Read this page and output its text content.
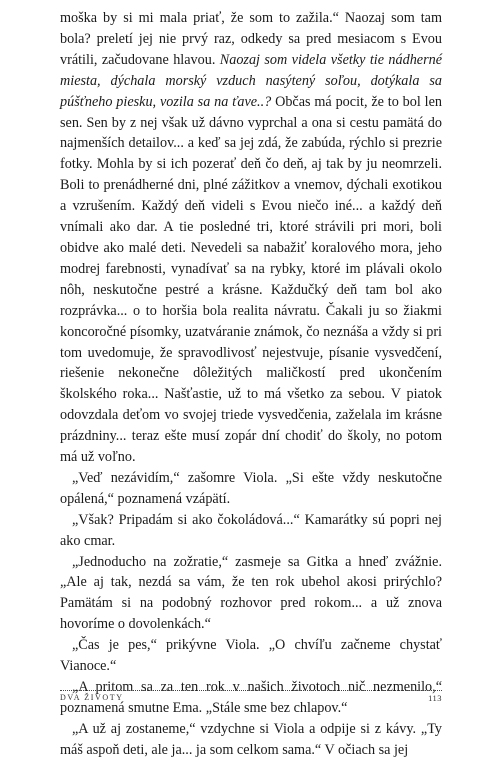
moška by si mi mala priať, že som to zažila.“ Naozaj som tam bola? preletí jej nie prvý raz, odkedy sa pred mesiacom s Evou vrátili, začudovane hlavou. Naozaj som videla všetky tie nádherné miesta, dýchala morský vzduch nasýtený soľou, dotýkala sa púšťneho piesku, vozila sa na ťave..? Občas má pocit, že to bol len sen. Sen by z nej však už dávno vyprchal a ona si cestu pamätá do najmenších detailov... a keď sa jej zdá, že zabúda, rýchlo si prezrie fotky. Mohla by si ich pozerať deň čo deň, aj tak by ju neomrzeli. Boli to prenádherné dni, plné zážitkov a vnemov, dýchali exotikou a vzrušením. Každý deň videli s Evou niečo iné... a každý deň vnímali ako dar. A tie posledné tri, ktoré strávili pri mori, boli obidve ako malé deti. Nevedeli sa nabažiť koralového mora, jeho modrej farebnosti, vynadívať sa na rybky, ktoré im plávali okolo nôh, neskutočne pestré a krásne. Každučký deň tam bol ako rozprávka... o to horšia bola realita návratu. Čakali ju so žiakmi koncoročné písomky, uzatváranie známok, čo neznáša a vždy si pri tom uvedomuje, že spravodlivosť nejestvuje, písanie vysvedčení, riešenie nekonečne dôležitých maličkostí pred ukončením školského roka... Našťastie, už to má všetko za sebou. V piatok odovzdala deťom vo svojej triede vysvedčenia, zaželala im krásne prázdniny... teraz ešte musí zopár dní chodiť do školy, no potom má už voľno.

„Veď nezávidím,“ zašomre Viola. „Si ešte vždy neskutočne opálená,“ poznamená vzápätí.

„Však? Pripadám si ako čokoládová...“ Kamarátky sú popri nej ako cmar.

„Jednoducho na zožratie,“ zasmeje sa Gitka a hneď zvážnie. „Ale aj tak, nezdá sa vám, že ten rok ubehol akosi prirýchlo? Pamätám si na podobný rozhovor pred rokom... a už znova hovoríme o dovolenkách.“

„Čas je pes,“ prikývne Viola. „O chvíľu začneme chystať Vianoce.“

„A pritom sa za ten rok v našich životoch nič nezmenilo,“ poznamená smutne Ema. „Stále sme bez chlapov.“

„A už aj zostaneme,“ vzdychne si Viola a odpije si z kávy. „Ty máš aspoň deti, ale ja... ja som celkom sama.“ V očiach sa jej

DVA ŽIVOTY	113
